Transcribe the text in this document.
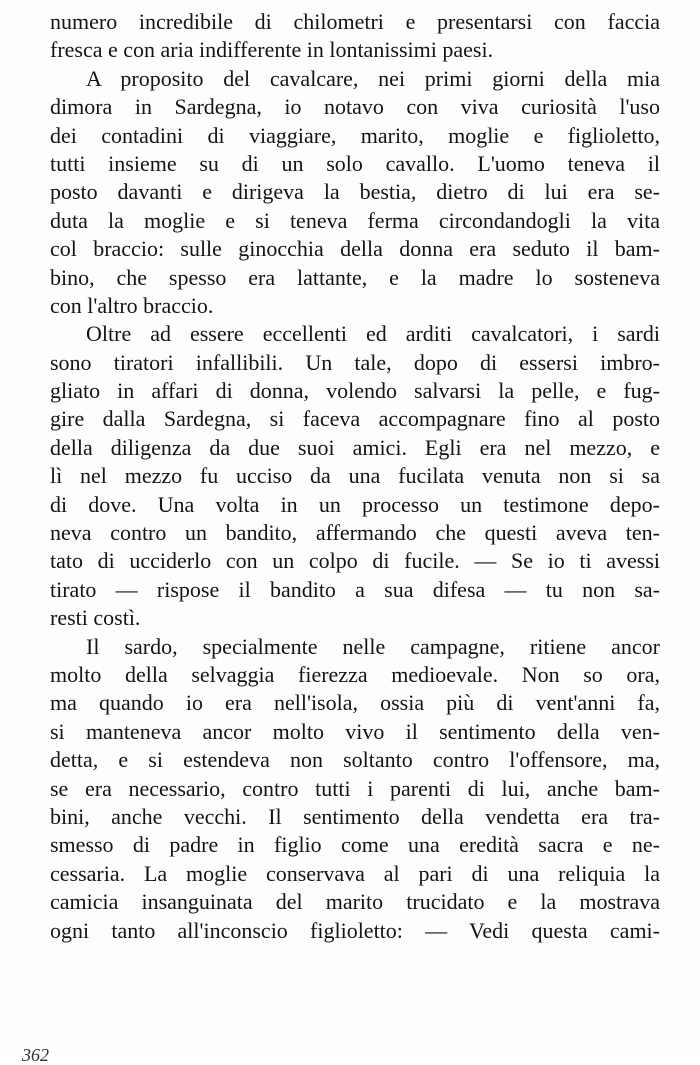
numero incredibile di chilometri e presentarsi con faccia
fresca e con aria indifferente in lontanissimi paesi.
A proposito del cavalcare, nei primi giorni della mia
dimora in Sardegna, io notavo con viva curiosità l'uso
dei contadini di viaggiare, marito, moglie e figlioletto,
tutti insieme su di un solo cavallo. L'uomo teneva il
posto davanti e dirigeva la bestia, dietro di lui era se-
duta la moglie e si teneva ferma circondandogli la vita
col braccio: sulle ginocchia della donna era seduto il bam-
bino, che spesso era lattante, e la madre lo sosteneva
con l'altro braccio.
Oltre ad essere eccellenti ed arditi cavalcatori, i sardi
sono tiratori infallibili. Un tale, dopo di essersi imbro-
gliato in affari di donna, volendo salvarsi la pelle, e fug-
gire dalla Sardegna, si faceva accompagnare fino al posto
della diligenza da due suoi amici. Egli era nel mezzo, e
lì nel mezzo fu ucciso da una fucilata venuta non si sa
di dove. Una volta in un processo un testimone depo-
neva contro un bandito, affermando che questi aveva ten-
tato di ucciderlo con un colpo di fucile. — Se io ti avessi
tirato — rispose il bandito a sua difesa — tu non sa-
resti costì.
Il sardo, specialmente nelle campagne, ritiene ancor
molto della selvaggia fierezza medioevale. Non so ora,
ma quando io era nell'isola, ossia più di vent'anni fa,
si manteneva ancor molto vivo il sentimento della ven-
detta, e si estendeva non soltanto contro l'offensore, ma,
se era necessario, contro tutti i parenti di lui, anche bam-
bini, anche vecchi. Il sentimento della vendetta era tra-
smesso di padre in figlio come una eredità sacra e ne-
cessaria. La moglie conservava al pari di una reliquia la
camicia insanguinata del marito trucidato e la mostrava
ogni tanto all'inconscio figlioletto: — Vedi questa cami-
362
